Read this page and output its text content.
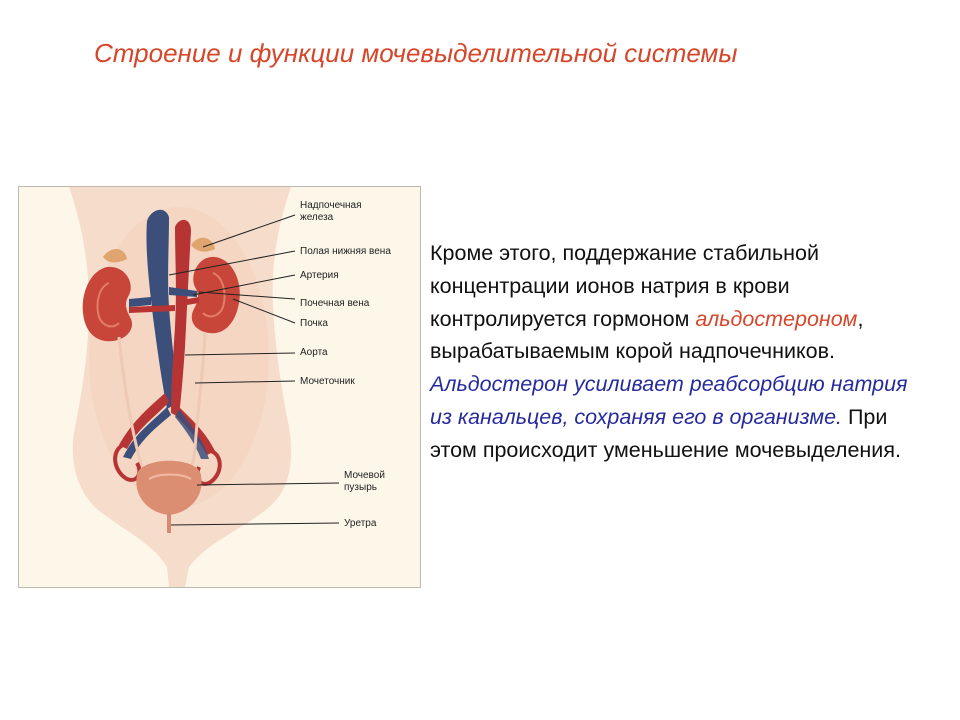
Строение и функции мочевыделительной системы
Надпочечная железа
Полая нижняя вена
Артерия
Почечная вена
Почка
Аорта
Мочеточник
Мочевой пузырь
Уретра
Кроме этого, поддержание стабильной концентрации ионов натрия в крови контролируется гормоном альдостероном, вырабатываемым корой надпочечников. Альдостерон усиливает реабсорбцию натрия из канальцев, сохраняя его в организме. При этом происходит уменьшение мочевыделения.
